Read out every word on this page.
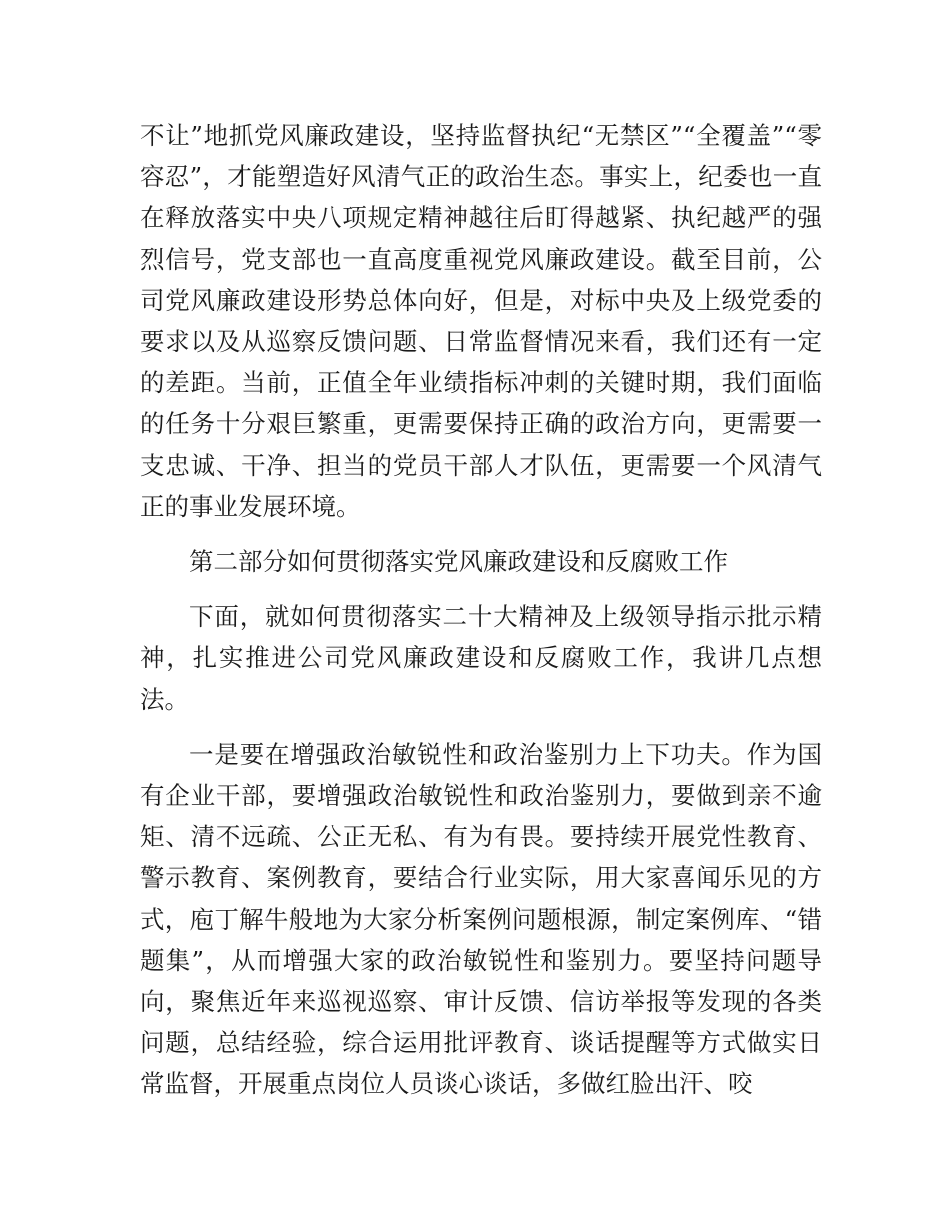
不让”地抓党风廉政建设，坚持监督执纪“无禁区”“全覆盖”“零容忍”，才能塑造好风清气正的政治生态。事实上，纪委也一直在释放落实中央八项规定精神越往后盯得越紧、执纪越严的强烈信号，党支部也一直高度重视党风廉政建设。截至目前，公司党风廉政建设形势总体向好，但是，对标中央及上级党委的要求以及从巡察反馈问题、日常监督情况来看，我们还有一定的差距。当前，正值全年业绩指标冲刺的关键时期，我们面临的任务十分艰巨繁重，更需要保持正确的政治方向，更需要一支忠诚、干净、担当的党员干部人才队伍，更需要一个风清气正的事业发展环境。

第二部分如何贯彻落实党风廉政建设和反腐败工作

下面，就如何贯彻落实二十大精神及上级领导指示批示精神，扎实推进公司党风廉政建设和反腐败工作，我讲几点想法。

一是要在增强政治敏锐性和政治鉴别力上下功夫。作为国有企业干部，要增强政治敏锐性和政治鉴别力，要做到亲不逾矩、清不远疏、公正无私、有为有畏。要持续开展党性教育、警示教育、案例教育，要结合行业实际，用大家喜闻乐见的方式，庖丁解牛般地为大家分析案例问题根源，制定案例库、“错题集”，从而增强大家的政治敏锐性和鉴别力。要坚持问题导向，聚焦近年来巡视巡察、审计反馈、信访举报等发现的各类问题，总结经验，综合运用批评教育、谈话提醒等方式做实日常监督，开展重点岗位人员谈心谈话，多做红脸出汗、咬
